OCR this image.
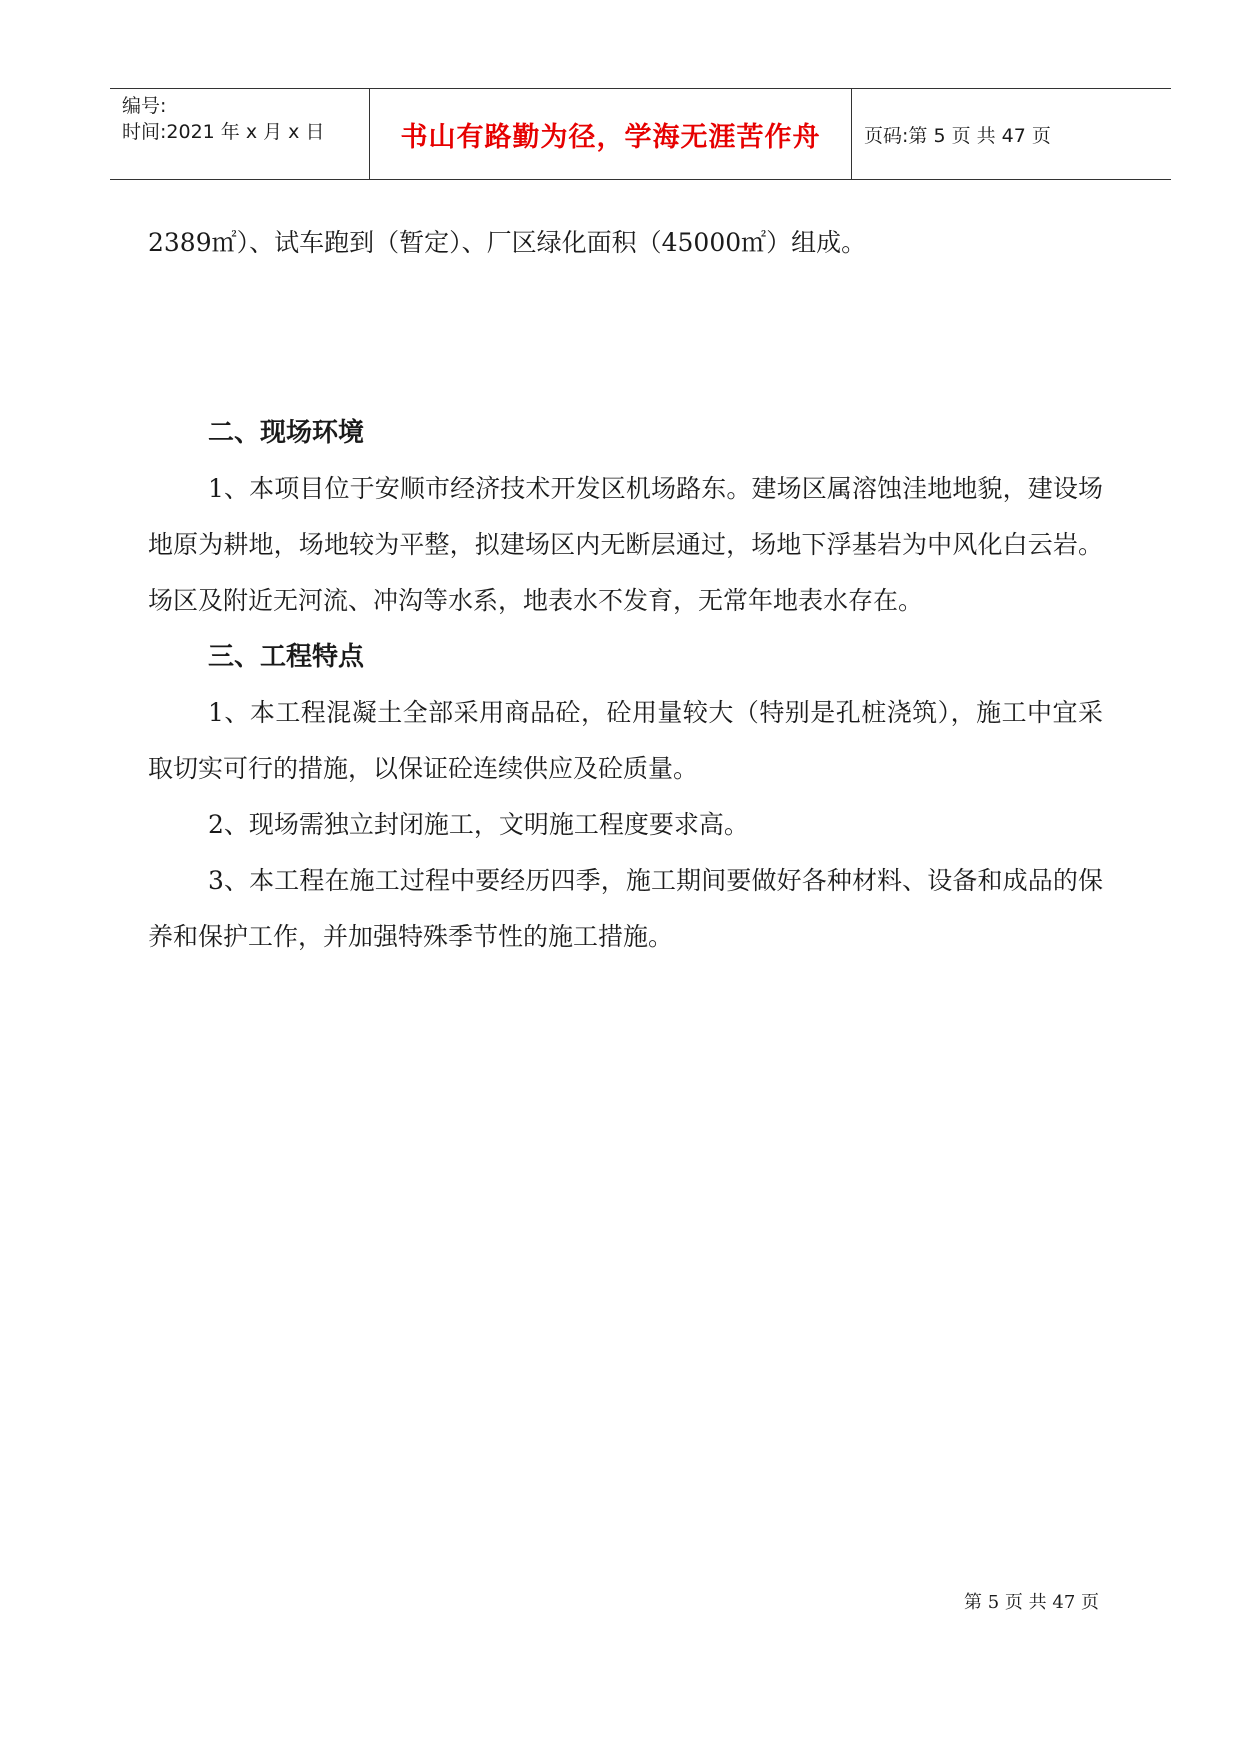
编号:
时间:2021 年 x 月 x 日	书山有路勤为径，学海无涯苦作舟 页码:第 5 页 共 47 页

2389㎡）、试车跑到（暂定）、厂区绿化面积（45000㎡）组成。

二、现场环境

1、本项目位于安顺市经济技术开发区机场路东。建场区属溶蚀洼地地貌，建设场地原为耕地，场地较为平整，拟建场区内无断层通过，场地下浮基岩为中风化白云岩。场区及附近无河流、冲沟等水系，地表水不发育，无常年地表水存在。

三、工程特点

1、本工程混凝土全部采用商品砼，砼用量较大（特别是孔桩浇筑），施工中宜采取切实可行的措施，以保证砼连续供应及砼质量。

2、现场需独立封闭施工，文明施工程度要求高。

3、本工程在施工过程中要经历四季，施工期间要做好各种材料、设备和成品的保养和保护工作，并加强特殊季节性的施工措施。

第 5 页 共 47 页
